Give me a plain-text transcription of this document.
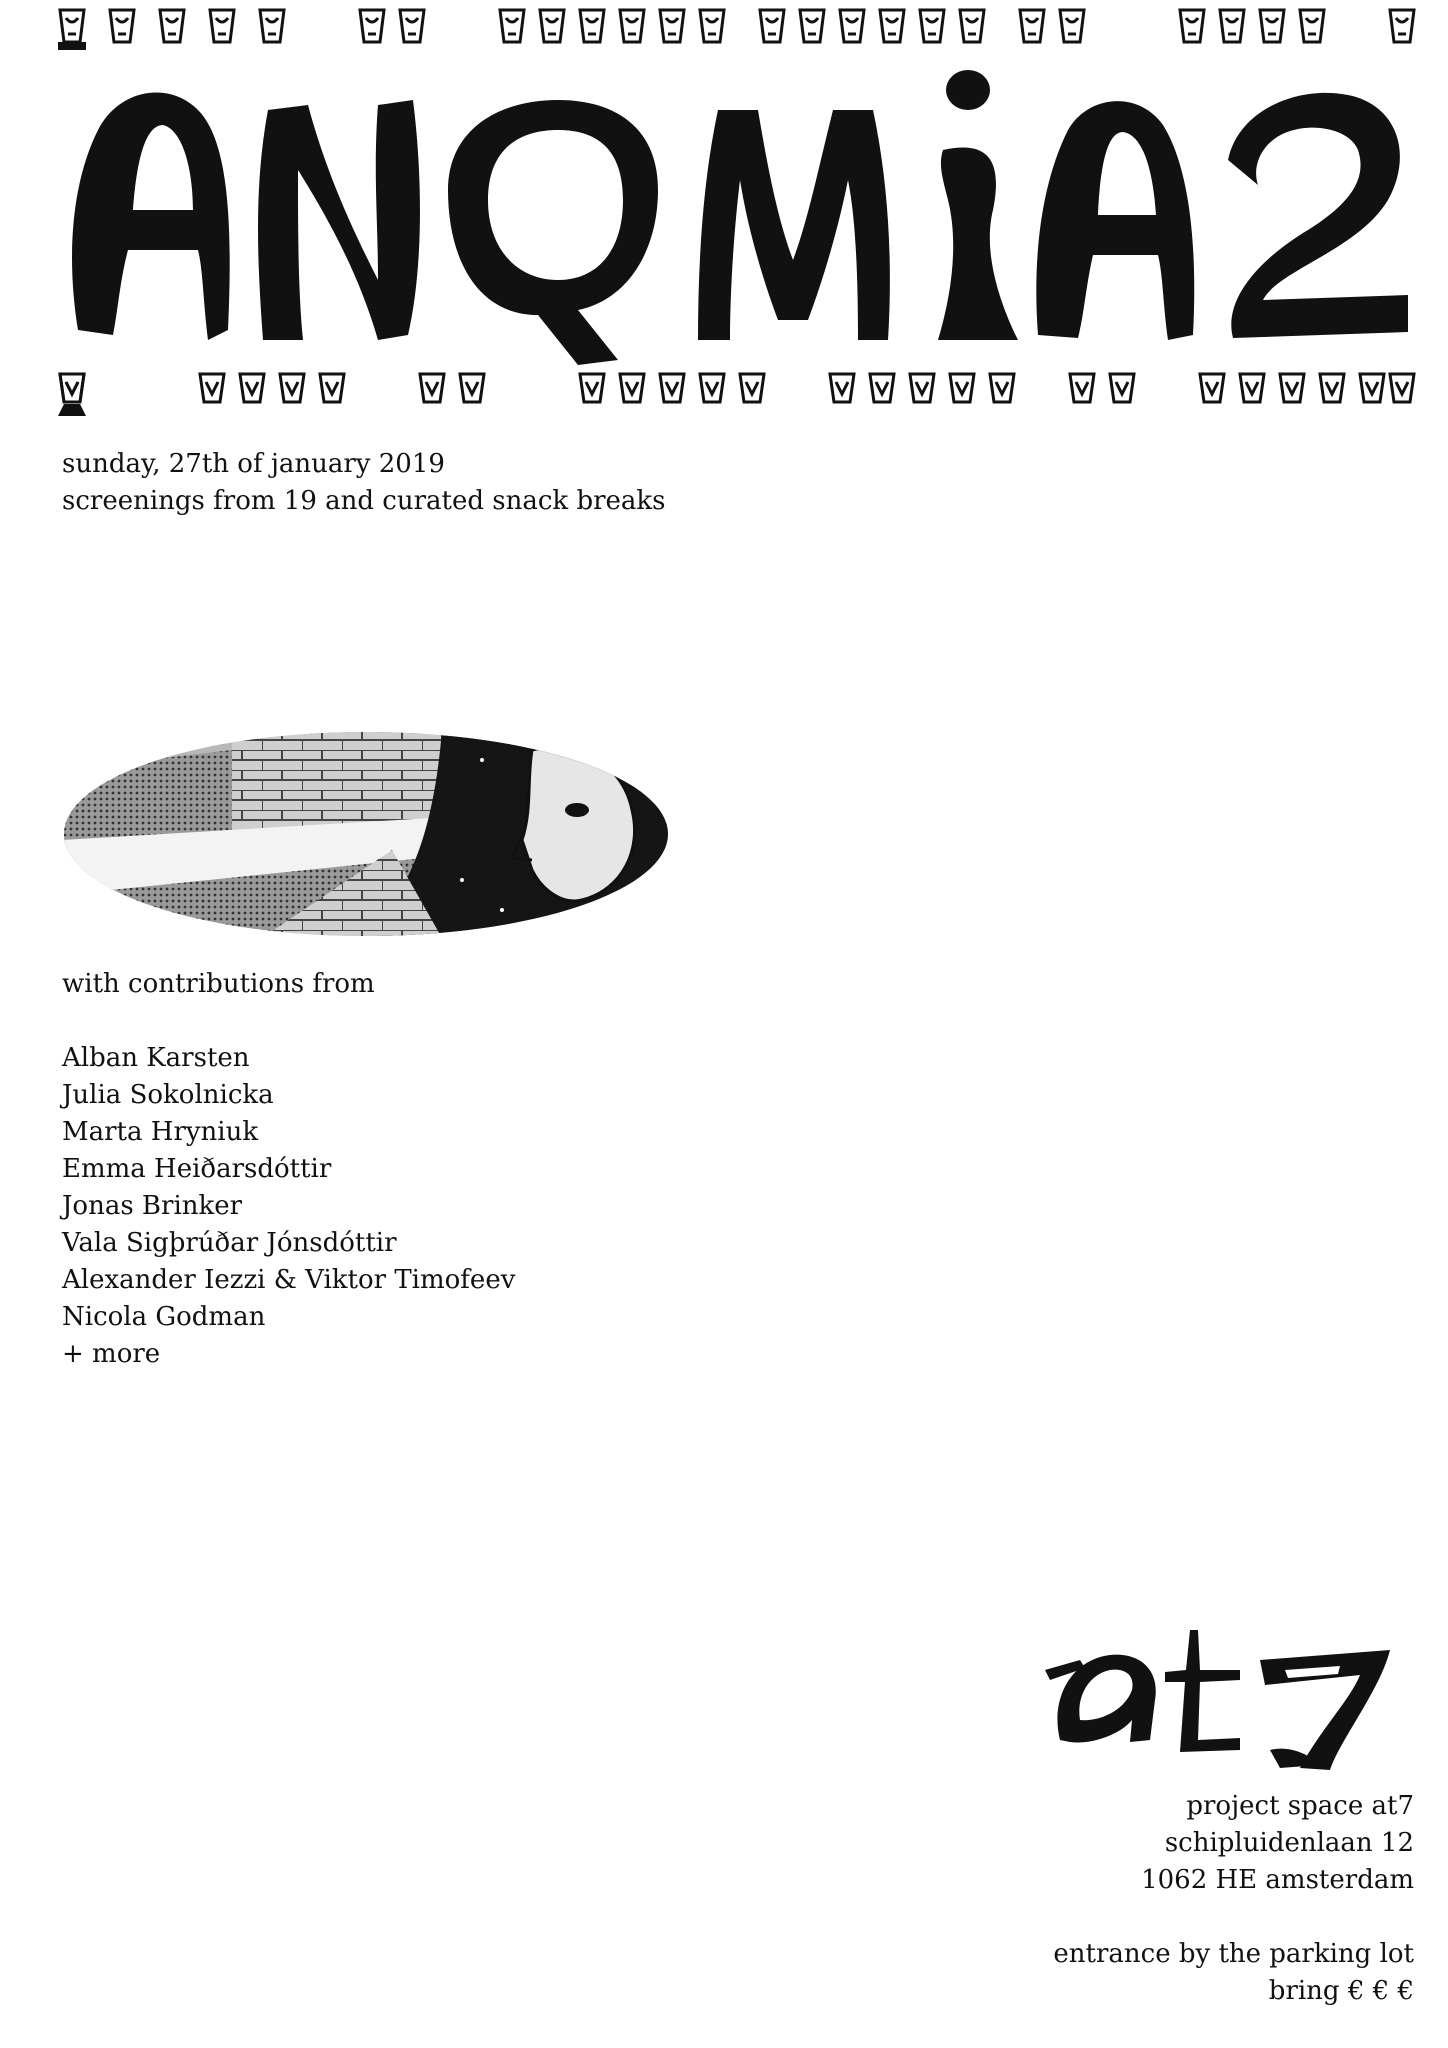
sunday, 27th of january 2019
screenings from 19 and curated snack breaks
with contributions from
Alban Karsten
Julia Sokolnicka
Marta Hryniuk
Emma Heiðarsdóttir
Jonas Brinker
Vala Sigþrúðar Jónsdóttir
Alexander Iezzi & Viktor Timofeev
Nicola Godman
+ more
project space at7
schipluidenlaan 12
1062 HE amsterdam
entrance by the parking lot
bring € € €
